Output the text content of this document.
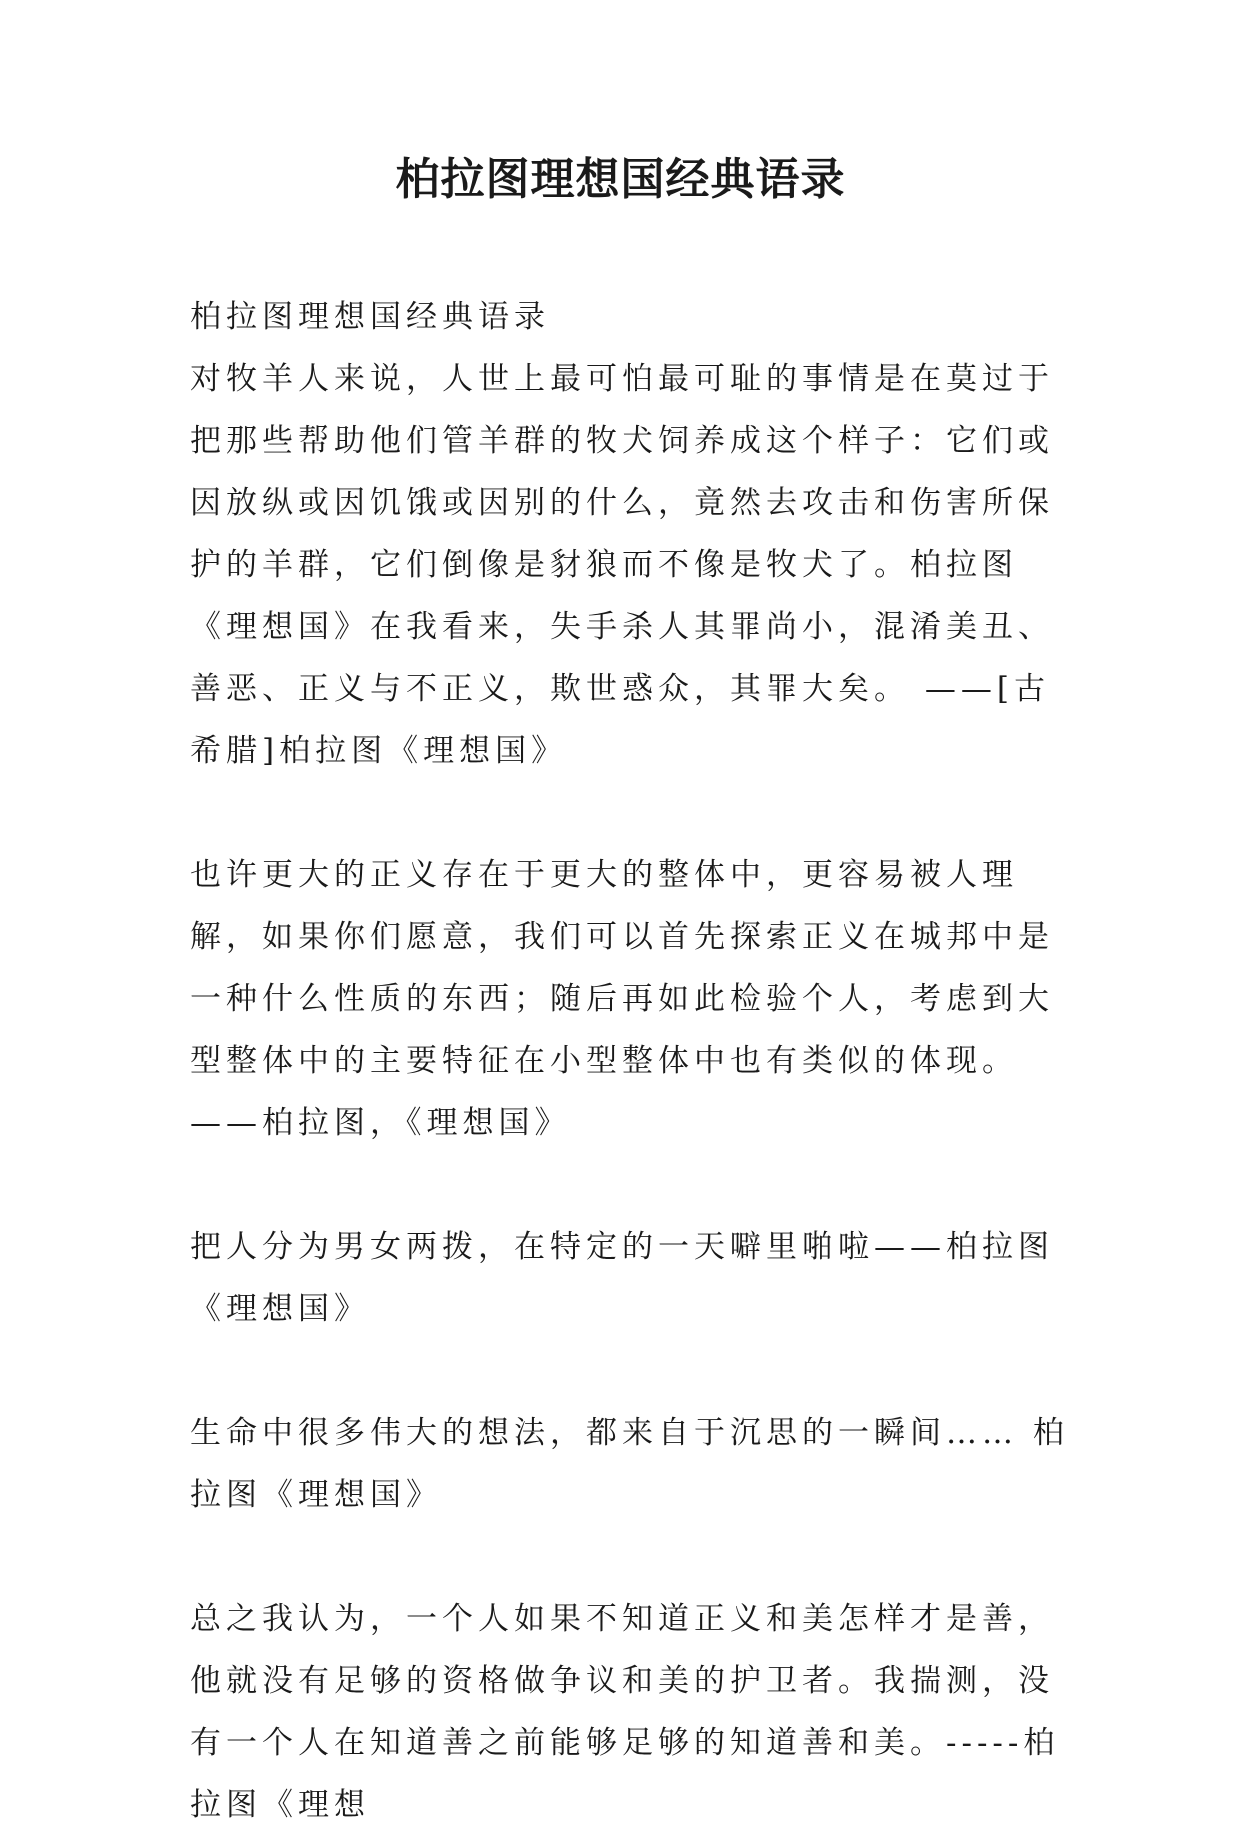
柏拉图理想国经典语录

柏拉图理想国经典语录

对牧羊人来说，人世上最可怕最可耻的事情是在莫过于把那些帮助他们管羊群的牧犬饲养成这个样子：它们或因放纵或因饥饿或因别的什么，竟然去攻击和伤害所保护的羊群，它们倒像是豺狼而不像是牧犬了。柏拉图《理想国》在我看来，失手杀人其罪尚小，混淆美丑、善恶、正义与不正义，欺世惑众，其罪大矣。 ——[古希腊]柏拉图《理想国》

也许更大的正义存在于更大的整体中，更容易被人理解，如果你们愿意，我们可以首先探索正义在城邦中是一种什么性质的东西；随后再如此检验个人，考虑到大型整体中的主要特征在小型整体中也有类似的体现。——柏拉图，《理想国》

把人分为男女两拨，在特定的一天噼里啪啦——柏拉图《理想国》

生命中很多伟大的想法，都来自于沉思的一瞬间…… 柏拉图《理想国》

总之我认为，一个人如果不知道正义和美怎样才是善，他就没有足够的资格做争议和美的护卫者。我揣测，没有一个人在知道善之前能够足够的知道善和美。-----柏拉图《理想
